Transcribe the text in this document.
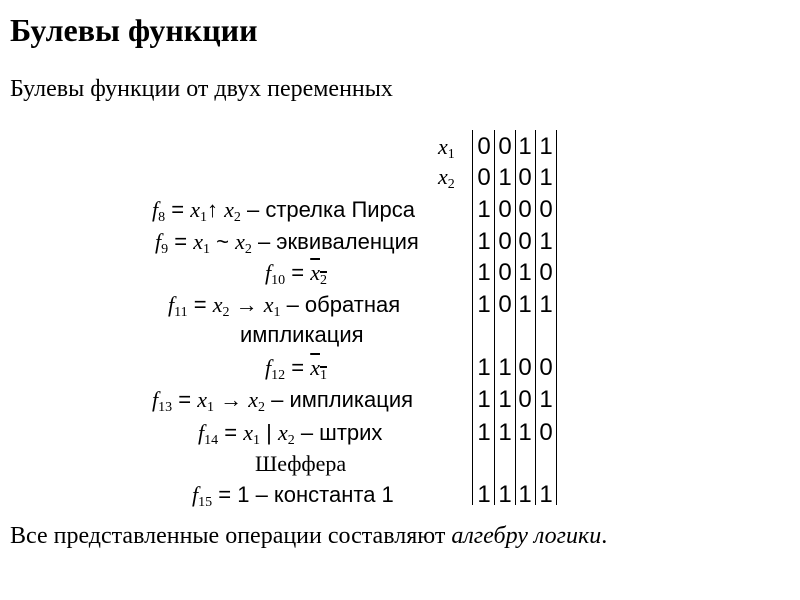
Булевы функции
Булевы функции от двух переменных
$x_1$
$x_2$
$f_8$ = $x_1↑$ $x_2$ – стрелка Пирса
$f_9 = x_1$ ~ $x_2$ – эквиваленция
$f_{10} = x_2$
$f_{11} = x_2 \to x_1$ – обратная
импликация
$f_{12} = x_1$
$f_{13} = x_1 \to x_2$ – импликация
$f_{14} = x_1$ | $x_2$ – штрих
Шеффера
$f_{15} = 1$ – константа 1
0 0 1 1
0 1 0 1
1 0 0 0
1 0 0 1
1 0 1 0
1 0 1 1
1 1 0 0
1 1 0 1
1 1 1 0
1 1 1 1
Все представленные операции составляют алгебру логики.
